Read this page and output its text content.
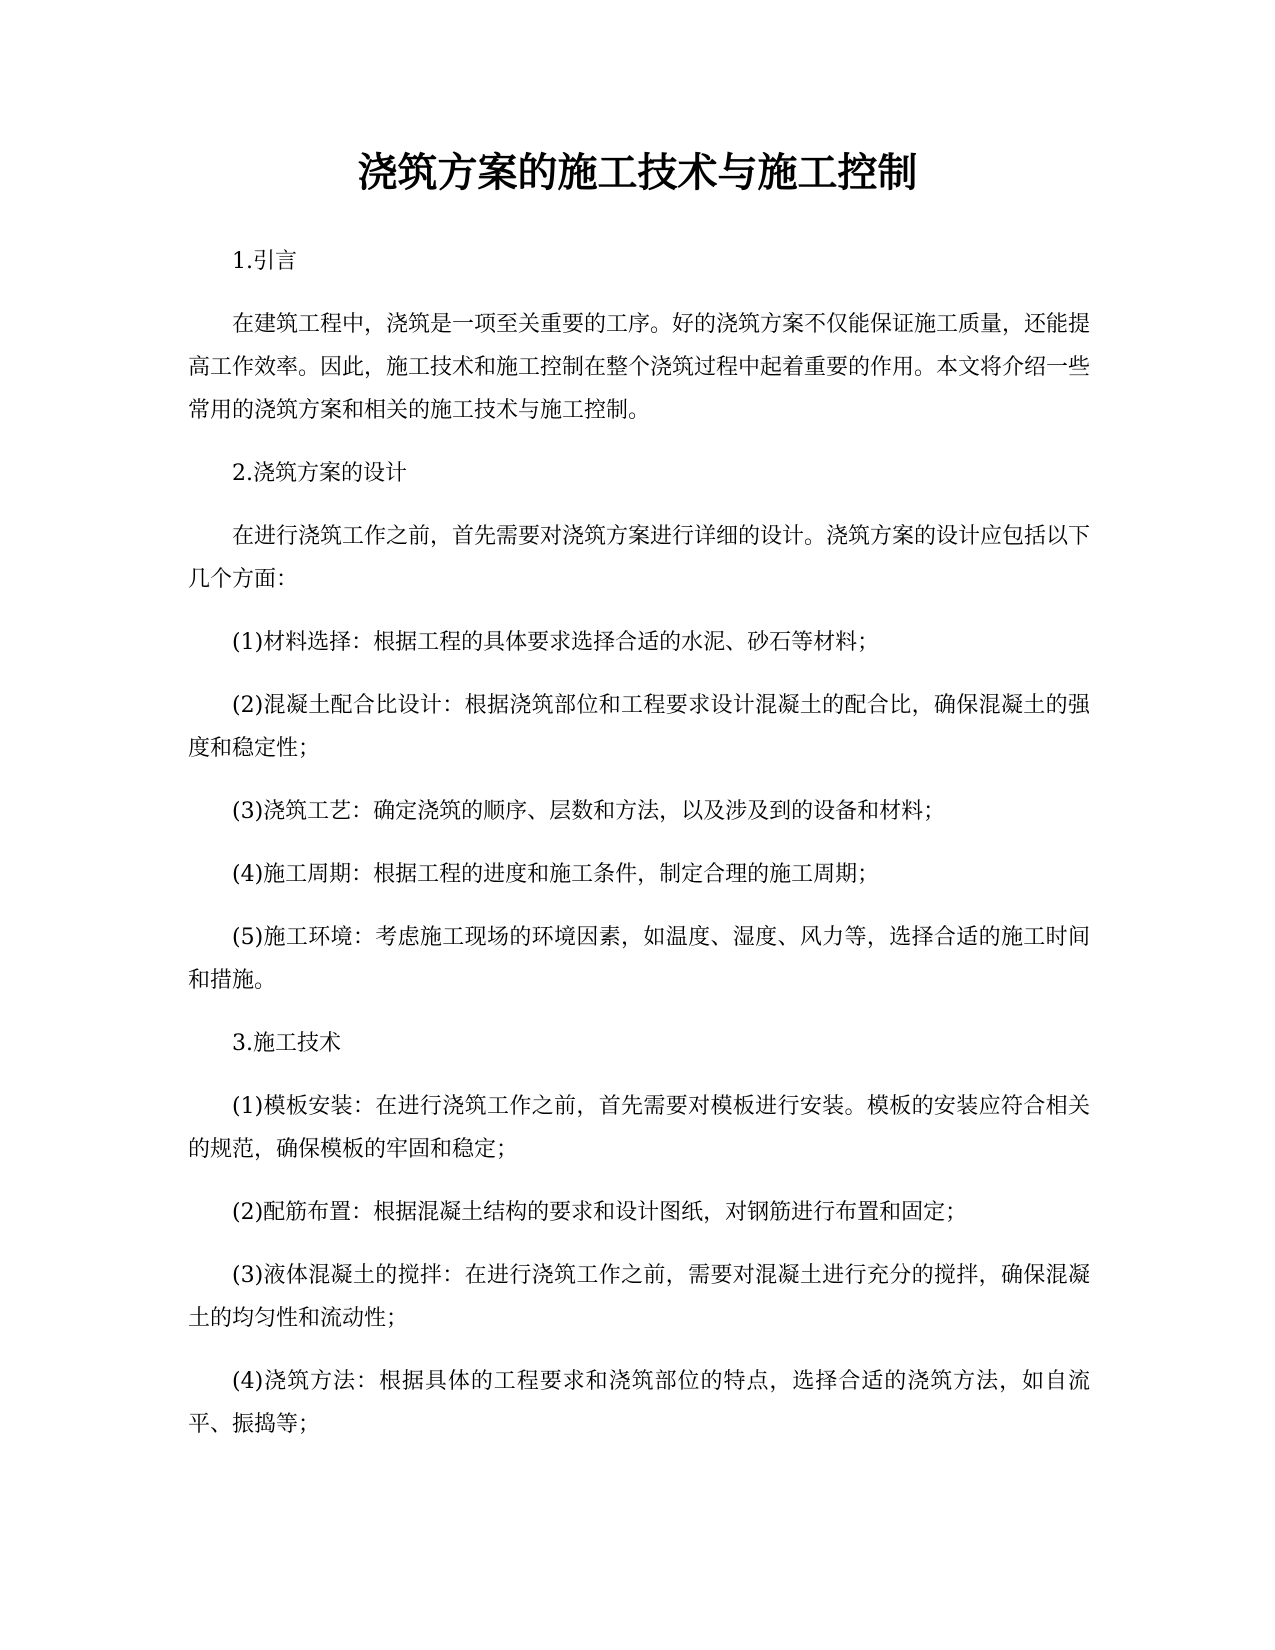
浇筑方案的施工技术与施工控制

1.引言

在建筑工程中，浇筑是一项至关重要的工序。好的浇筑方案不仅能保证施工质量，还能提高工作效率。因此，施工技术和施工控制在整个浇筑过程中起着重要的作用。本文将介绍一些常用的浇筑方案和相关的施工技术与施工控制。

2.浇筑方案的设计

在进行浇筑工作之前，首先需要对浇筑方案进行详细的设计。浇筑方案的设计应包括以下几个方面：

(1)材料选择：根据工程的具体要求选择合适的水泥、砂石等材料；

(2)混凝土配合比设计：根据浇筑部位和工程要求设计混凝土的配合比，确保混凝土的强度和稳定性；

(3)浇筑工艺：确定浇筑的顺序、层数和方法，以及涉及到的设备和材料；

(4)施工周期：根据工程的进度和施工条件，制定合理的施工周期；

(5)施工环境：考虑施工现场的环境因素，如温度、湿度、风力等，选择合适的施工时间和措施。

3.施工技术

(1)模板安装：在进行浇筑工作之前，首先需要对模板进行安装。模板的安装应符合相关的规范，确保模板的牢固和稳定；

(2)配筋布置：根据混凝土结构的要求和设计图纸，对钢筋进行布置和固定；

(3)液体混凝土的搅拌：在进行浇筑工作之前，需要对混凝土进行充分的搅拌，确保混凝土的均匀性和流动性；

(4)浇筑方法：根据具体的工程要求和浇筑部位的特点，选择合适的浇筑方法，如自流平、振捣等；
